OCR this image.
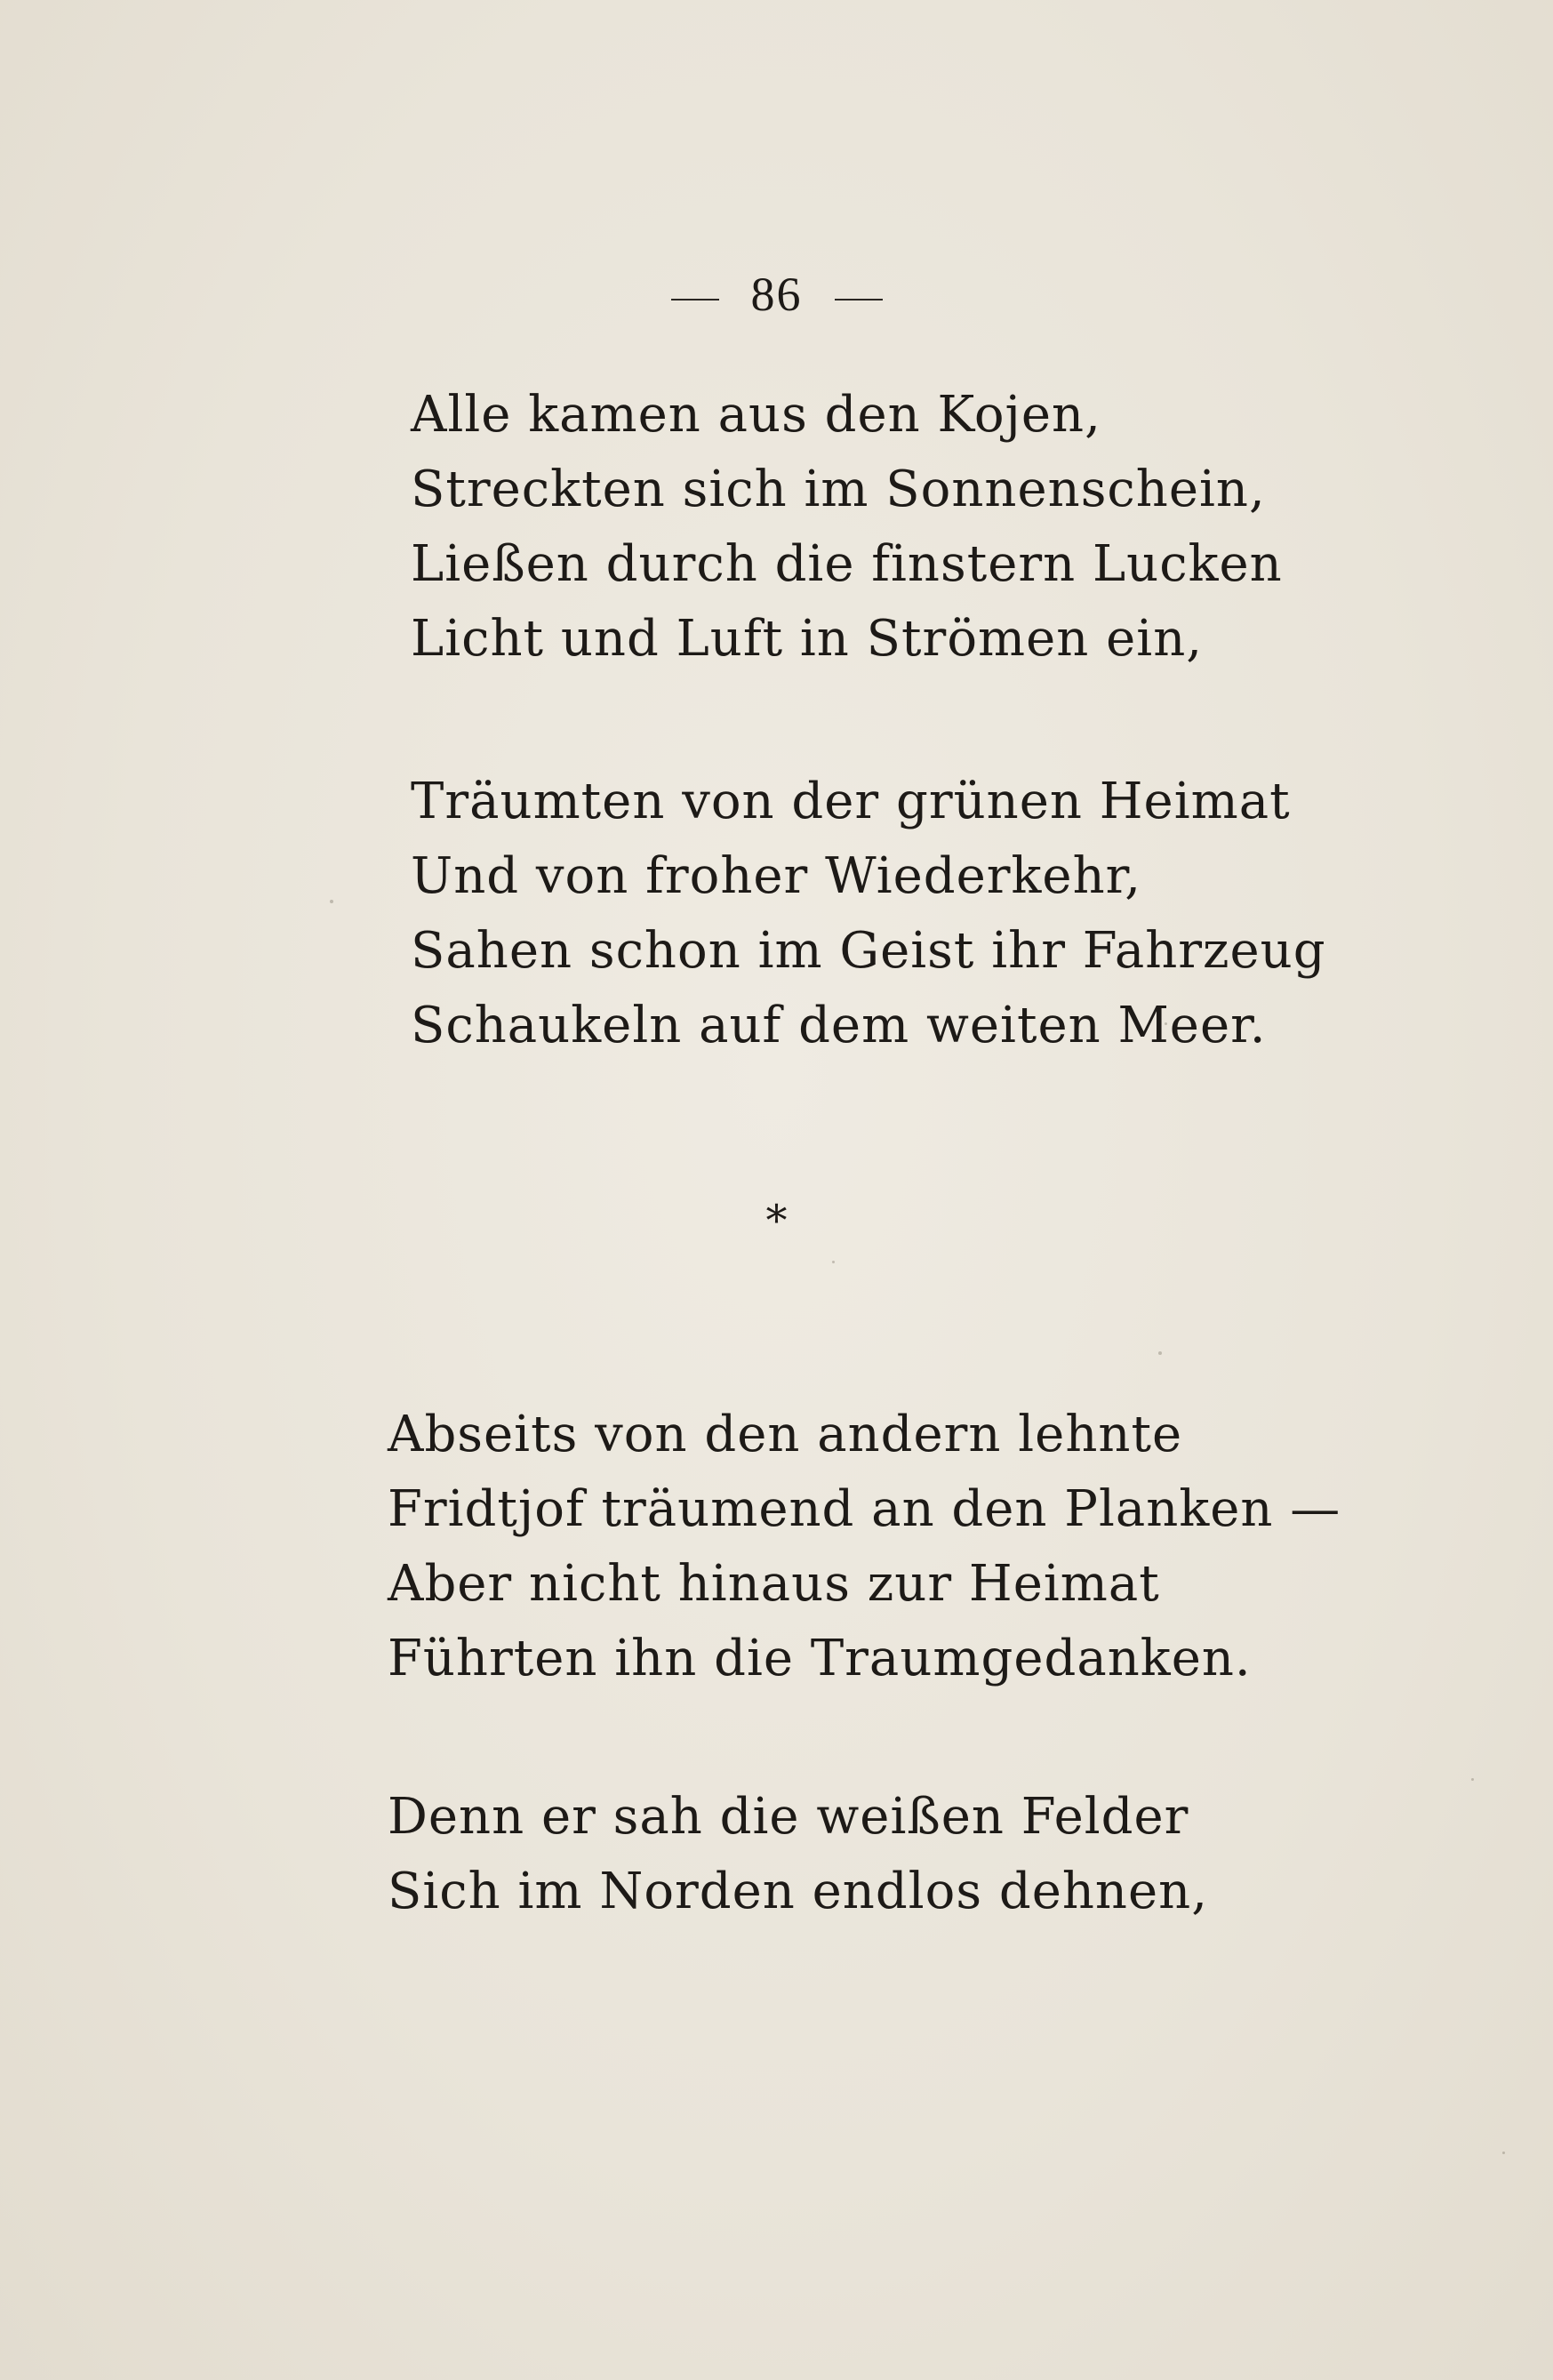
86
Alle kamen aus den Kojen,
Streckten sich im Sonnenschein,
Ließen durch die finstern Lucken
Licht und Luft in Strömen ein,
Träumten von der grünen Heimat
Und von froher Wiederkehr,
Sahen schon im Geist ihr Fahrzeug
Schaukeln auf dem weiten Meer.
*
Abseits von den andern lehnte
Fridtjof träumend an den Planken —
Aber nicht hinaus zur Heimat
Führten ihn die Traumgedanken.
Denn er sah die weißen Felder
Sich im Norden endlos dehnen,
